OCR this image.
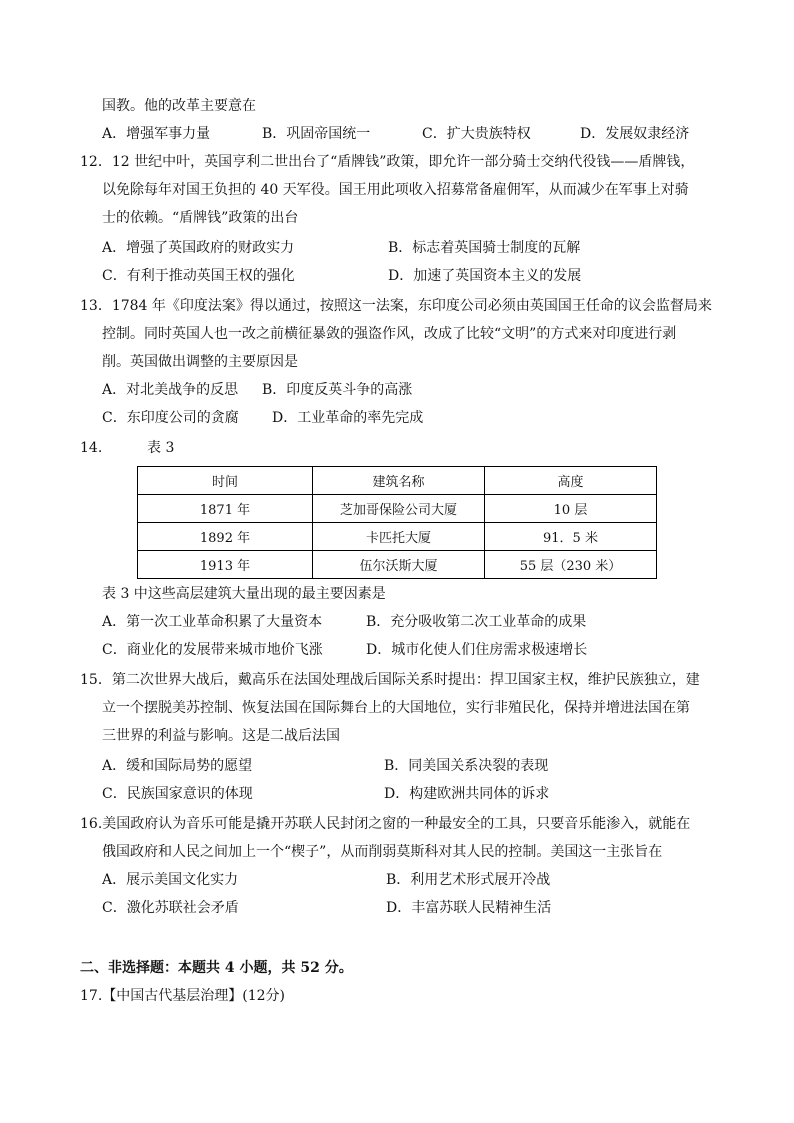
国教。他的改革主要意在
A．增强军事力量	B．巩固帝国统一	C．扩大贵族特权	D．发展奴隶经济
12．12 世纪中叶，英国亨利二世出台了“盾牌钱”政策，即允许一部分骑士交纳代役钱——盾牌钱，
以免除每年对国王负担的 40 天军役。国王用此项收入招募常备雇佣军，从而减少在军事上对骑
士的依赖。“盾牌钱”政策的出台
A．增强了英国政府的财政实力	B．标志着英国骑士制度的瓦解
C．有利于推动英国王权的强化	D．加速了英国资本主义的发展
13．1784 年《印度法案》得以通过，按照这一法案，东印度公司必须由英国国王任命的议会监督局来
控制。同时英国人也一改之前横征暴敛的强盗作风，改成了比较“文明”的方式来对印度进行剥
削。英国做出调整的主要原因是
A．对北美战争的反思 B．印度反英斗争的高涨
C．东印度公司的贪腐 D．工业革命的率先完成
14.	表 3
时间	建筑名称	高度
1871 年	芝加哥保险公司大厦	10 层
1892 年	卡匹托大厦	91．5 米
1913 年	伍尔沃斯大厦	55 层（230 米）
表 3 中这些高层建筑大量出现的最主要因素是
A．第一次工业革命积累了大量资本	B．充分吸收第二次工业革命的成果
C．商业化的发展带来城市地价飞涨	D．城市化使人们住房需求极速增长
15．第二次世界大战后，戴高乐在法国处理战后国际关系时提出：捍卫国家主权，维护民族独立，建
立一个摆脱美苏控制、恢复法国在国际舞台上的大国地位，实行非殖民化，保持并增进法国在第
三世界的利益与影响。这是二战后法国
A．缓和国际局势的愿望	B．同美国关系决裂的表现
C．民族国家意识的体现	D．构建欧洲共同体的诉求
16.美国政府认为音乐可能是撬开苏联人民封闭之窗的一种最安全的工具，只要音乐能渗入，就能在
俄国政府和人民之间加上一个“楔子”，从而削弱莫斯科对其人民的控制。美国这一主张旨在
A．展示美国文化实力	B．利用艺术形式展开冷战
C．激化苏联社会矛盾	D．丰富苏联人民精神生活
二、非选择题：本题共 4 小题，共 52 分。
17.【中国古代基层治理】(12分)
